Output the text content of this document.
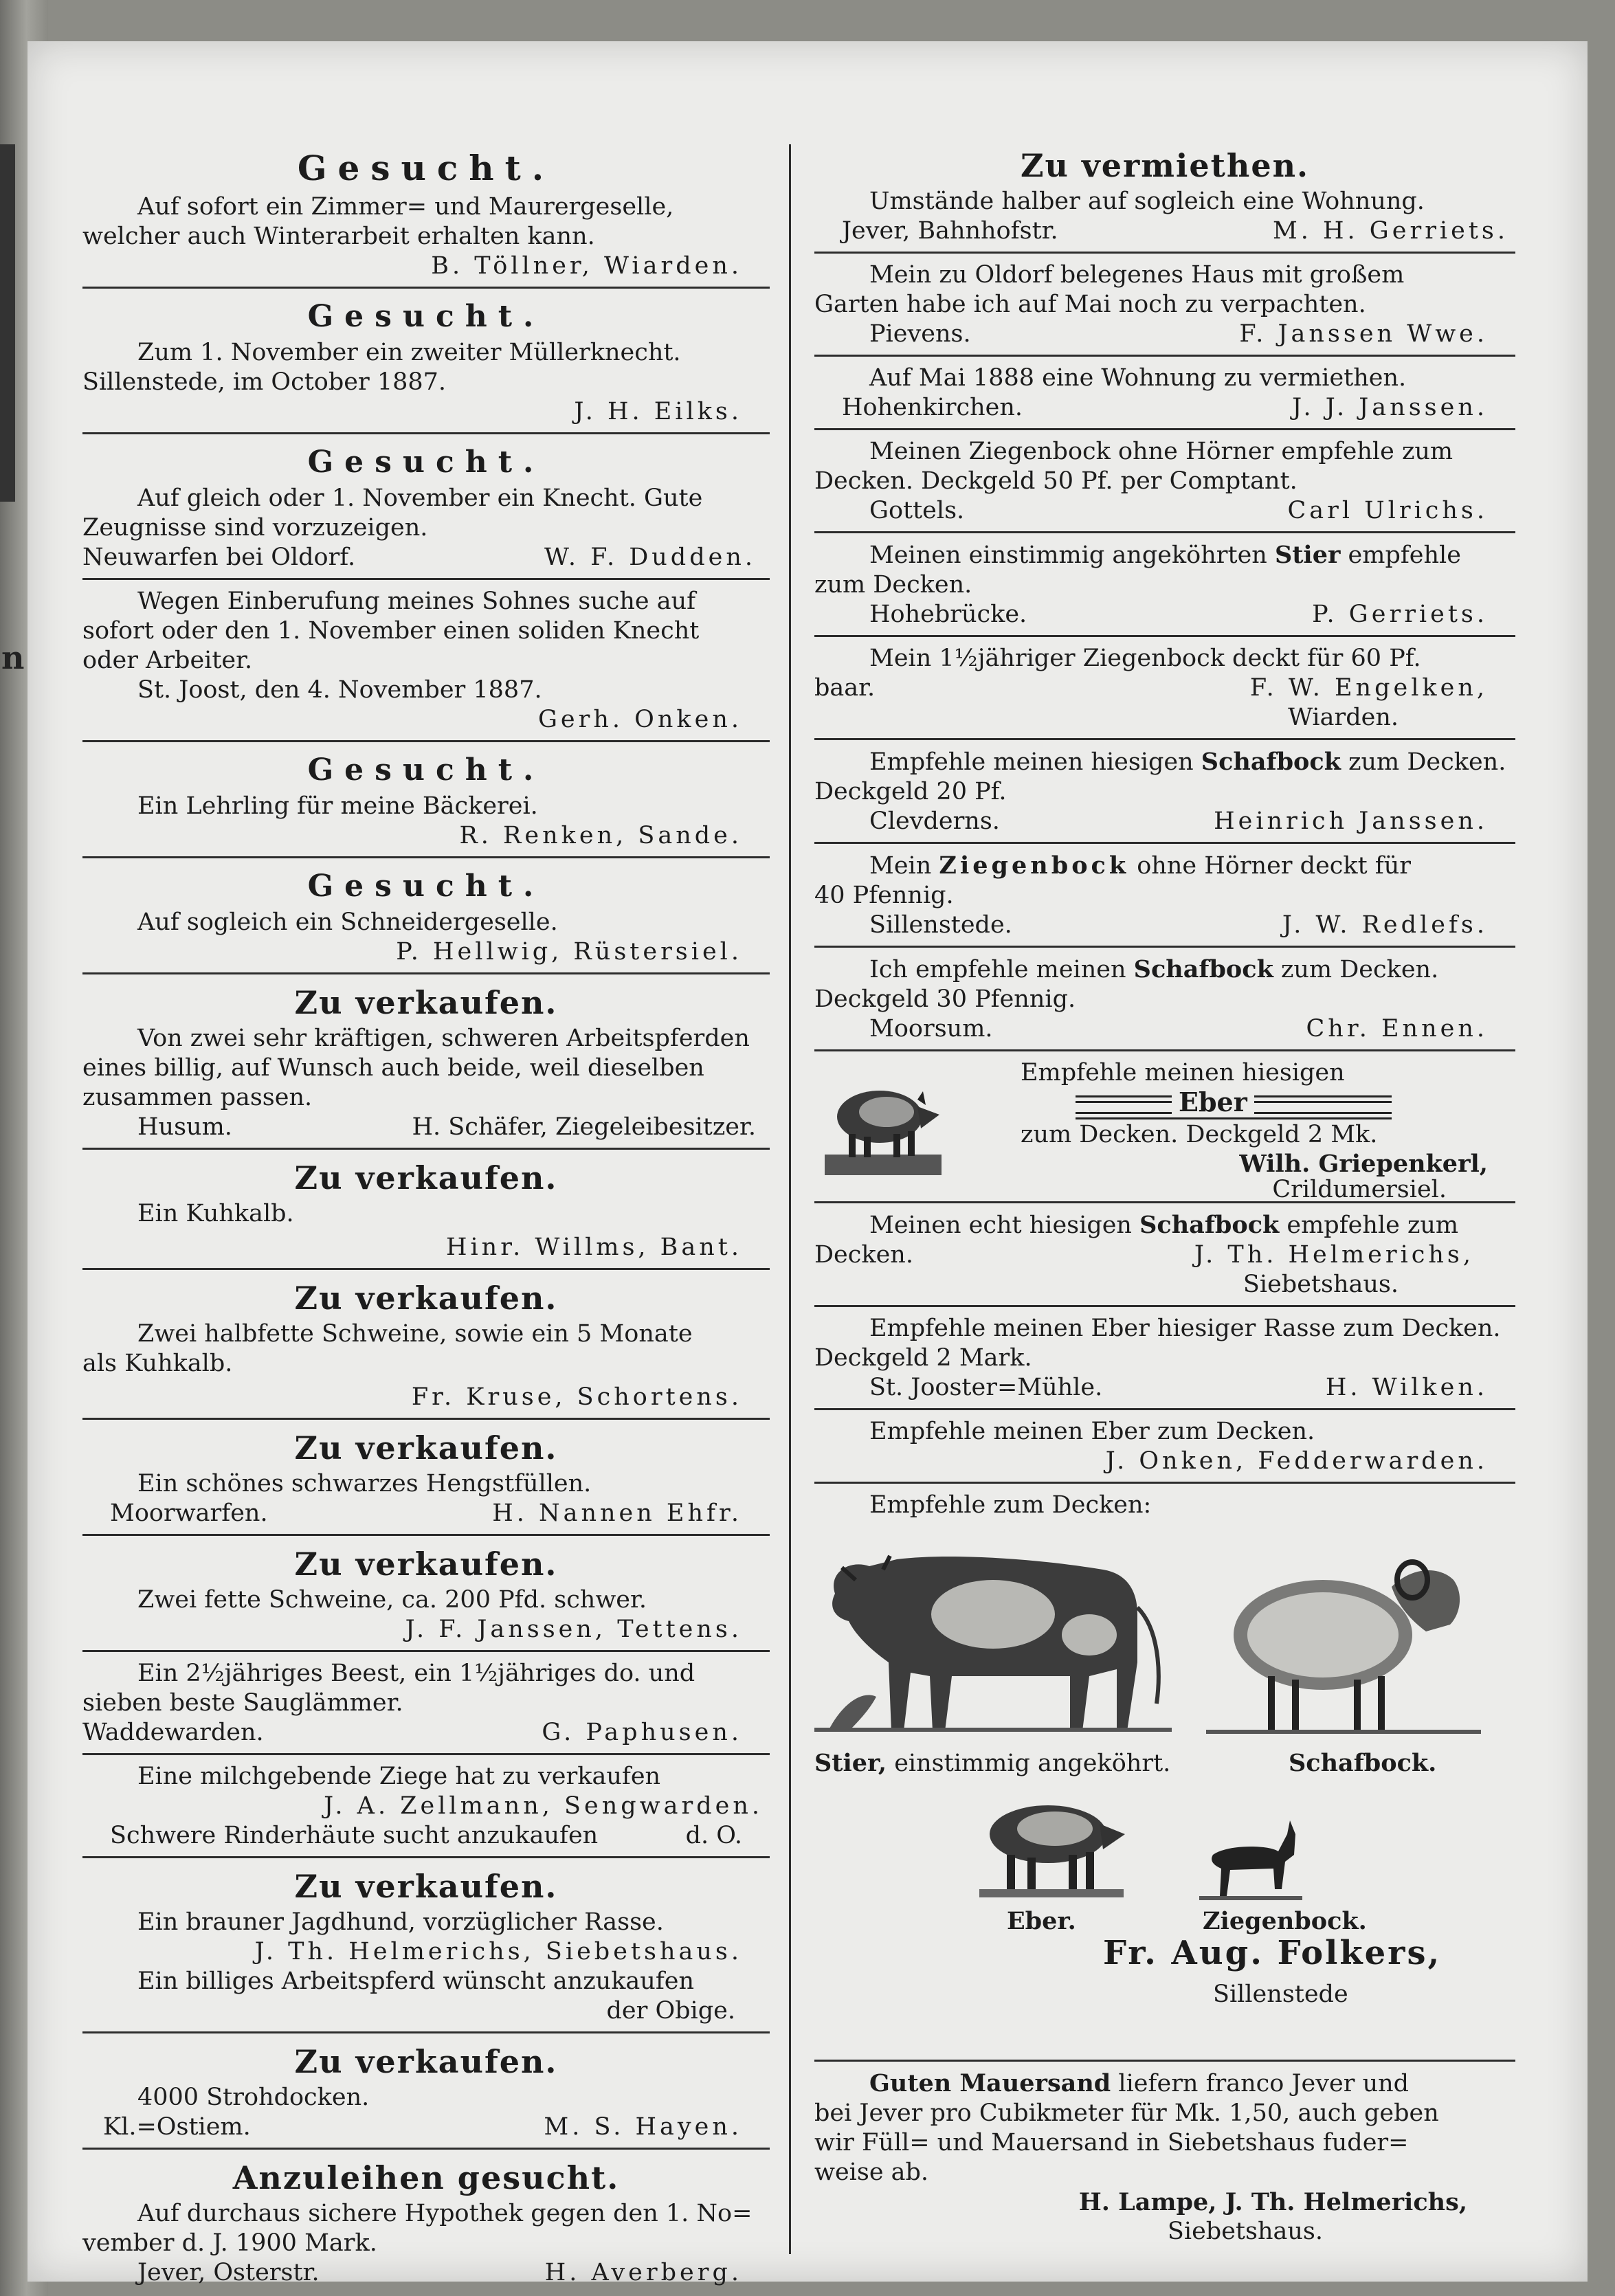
n
Gesucht.

Auf sofort ein Zimmer= und Maurergeselle,

welcher auch Winterarbeit erhalten kann.

B. Töllner, Wiarden.

Gesucht.

Zum 1. November ein zweiter Müllerknecht.

Sillenstede, im October 1887.

J. H. Eilks.

Gesucht.

Auf gleich oder 1. November ein Knecht. Gute

Zeugnisse sind vorzuzeigen.

Neuwarfen bei Oldorf.	W. F. Dudden.

Wegen Einberufung meines Sohnes suche auf

sofort oder den 1. November einen soliden Knecht

oder Arbeiter.

St. Joost, den 4. November 1887.

Gerh. Onken.

Gesucht.

Ein Lehrling für meine Bäckerei.

R. Renken, Sande.

Gesucht.

Auf sogleich ein Schneidergeselle.

P. Hellwig, Rüstersiel.

Zu verkaufen.

Von zwei sehr kräftigen, schweren Arbeitspferden

eines billig, auf Wunsch auch beide, weil dieselben

zusammen passen.

Husum.	H. Schäfer, Ziegeleibesitzer.
Zu verkaufen.

Ein Kuhkalb.

Hinr. Willms, Bant.

Zu verkaufen.

Zwei halbfette Schweine, sowie ein 5 Monate

als Kuhkalb.

Fr. Kruse, Schortens.

Zu verkaufen.

Ein schönes schwarzes Hengstfüllen.

Moorwarfen.	H. Nannen Ehfr.
Zu verkaufen.

Zwei fette Schweine, ca. 200 Pfd. schwer.

J. F. Janssen, Tettens.

Ein 2½jähriges Beest, ein 1½jähriges do. und

sieben beste Sauglämmer.

Waddewarden.	G. Paphusen.

Eine milchgebende Ziege hat zu verkaufen

J. A. Zellmann, Sengwarden.

Schwere Rinderhäute sucht anzukaufen	d. O.
Zu verkaufen.

Ein brauner Jagdhund, vorzüglicher Rasse.

J. Th. Helmerichs, Siebetshaus.

Ein billiges Arbeitspferd wünscht anzukaufen

der Obige.

Zu verkaufen.

4000 Strohdocken.

Kl.=Ostiem.	M. S. Hayen.
Anzuleihen gesucht.

Auf durchaus sichere Hypothek gegen den 1. No=

vember d. J. 1900 Mark.

Jever, Osterstr.	H. Averberg.
Zu vermiethen.

Umstände halber auf sogleich eine Wohnung.

Jever, Bahnhofstr.	M. H. Gerriets.

Mein zu Oldorf belegenes Haus mit großem

Garten habe ich auf Mai noch zu verpachten.

Pievens.	F. Janssen Wwe.

Auf Mai 1888 eine Wohnung zu vermiethen.

Hohenkirchen.	J. J. Janssen.

Meinen Ziegenbock ohne Hörner empfehle zum

Decken. Deckgeld 50 Pf. per Comptant.

Gottels.	Carl Ulrichs.

Meinen einstimmig angeköhrten Stier empfehle

zum Decken.

Hohebrücke.	P. Gerriets.

Mein 1½jähriger Ziegenbock deckt für 60 Pf.

baar.	F. W. Engelken,

Wiarden.

Empfehle meinen hiesigen Schafbock zum Decken.

Deckgeld 20 Pf.

Clevderns.	Heinrich Janssen.

Mein Ziegenbock ohne Hörner deckt für

40 Pfennig.

Sillenstede.	J. W. Redlefs.

Ich empfehle meinen Schafbock zum Decken.

Deckgeld 30 Pfennig.

Moorsum.	Chr. Ennen.

Empfehle meinen hiesigen

Eber

zum Decken. Deckgeld 2 Mk.

Wilh. Griepenkerl,

Crildumersiel.

Meinen echt hiesigen Schafbock empfehle zum

Decken.	J. Th. Helmerichs,

Siebetshaus.

Empfehle meinen Eber hiesiger Rasse zum Decken.

Deckgeld 2 Mark.

St. Jooster=Mühle.	H. Wilken.

Empfehle meinen Eber zum Decken.

J. Onken, Fedderwarden.

Empfehle zum Decken:

Stier, einstimmig angeköhrt.	Schafbock.

Eber.	Ziegenbock.

Fr. Aug. Folkers,

Sillenstede

Guten Mauersand liefern franco Jever und

bei Jever pro Cubikmeter für Mk. 1,50, auch geben

wir Füll= und Mauersand in Siebetshaus fuder=

weise ab.

H. Lampe, J. Th. Helmerichs,

Siebetshaus.
